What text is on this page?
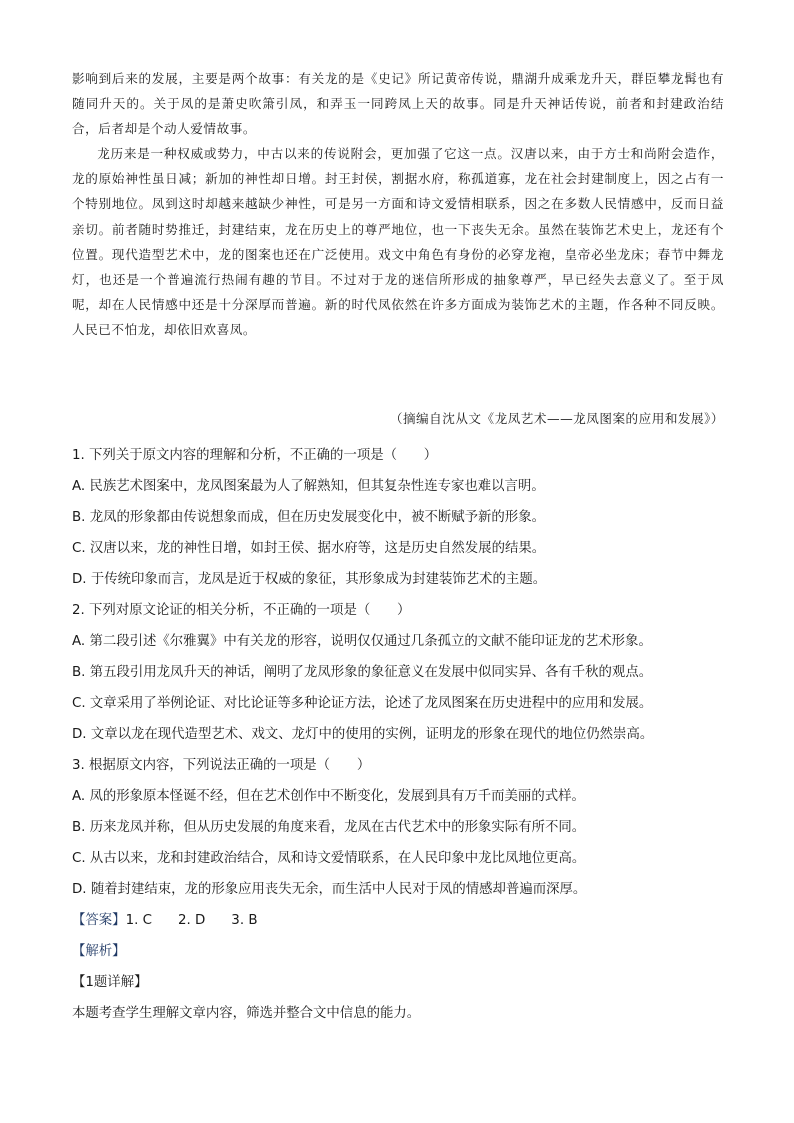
影响到后来的发展，主要是两个故事：有关龙的是《史记》所记黄帝传说，鼎湖升成乘龙升天，群臣攀龙髯也有随同升天的。关于凤的是萧史吹箫引凤，和弄玉一同跨凤上天的故事。同是升天神话传说，前者和封建政治结合，后者却是个动人爱情故事。

龙历来是一种权威或势力，中古以来的传说附会，更加强了它这一点。汉唐以来，由于方士和尚附会造作，龙的原始神性虽日减；新加的神性却日增。封王封侯，割据水府，称孤道寡，龙在社会封建制度上，因之占有一个特别地位。凤到这时却越来越缺少神性，可是另一方面和诗文爱情相联系，因之在多数人民情感中，反而日益亲切。前者随时势推迁，封建结束，龙在历史上的尊严地位，也一下丧失无余。虽然在装饰艺术史上，龙还有个位置。现代造型艺术中，龙的图案也还在广泛使用。戏文中角色有身份的必穿龙袍，皇帝必坐龙床；春节中舞龙灯，也还是一个普遍流行热闹有趣的节目。不过对于龙的迷信所形成的抽象尊严，早已经失去意义了。至于凤呢，却在人民情感中还是十分深厚而普遍。新的时代凤依然在许多方面成为装饰艺术的主题，作各种不同反映。人民已不怕龙，却依旧欢喜凤。

（摘编自沈从文《龙凤艺术——龙凤图案的应用和发展》）

1. 下列关于原文内容的理解和分析，不正确的一项是（　　）

A. 民族艺术图案中，龙凤图案最为人了解熟知，但其复杂性连专家也难以言明。

B. 龙凤的形象都由传说想象而成，但在历史发展变化中，被不断赋予新的形象。

C. 汉唐以来，龙的神性日增，如封王侯、据水府等，这是历史自然发展的结果。

D. 于传统印象而言，龙凤是近于权威的象征，其形象成为封建装饰艺术的主题。

2. 下列对原文论证的相关分析，不正确的一项是（　　）

A. 第二段引述《尔雅翼》中有关龙的形容，说明仅仅通过几条孤立的文献不能印证龙的艺术形象。

B. 第五段引用龙凤升天的神话，阐明了龙凤形象的象征意义在发展中似同实异、各有千秋的观点。

C. 文章采用了举例论证、对比论证等多种论证方法，论述了龙凤图案在历史进程中的应用和发展。

D. 文章以龙在现代造型艺术、戏文、龙灯中的使用的实例，证明龙的形象在现代的地位仍然崇高。

3. 根据原文内容，下列说法正确的一项是（　　）

A. 凤的形象原本怪诞不经，但在艺术创作中不断变化，发展到具有万千而美丽的式样。

B. 历来龙凤并称，但从历史发展的角度来看，龙凤在古代艺术中的形象实际有所不同。

C. 从古以来，龙和封建政治结合，凤和诗文爱情联系，在人民印象中龙比凤地位更高。

D. 随着封建结束，龙的形象应用丧失无余，而生活中人民对于凤的情感却普遍而深厚。

【答案】1. C 2. D 3. B

【解析】

【1题详解】

本题考查学生理解文章内容，筛选并整合文中信息的能力。
